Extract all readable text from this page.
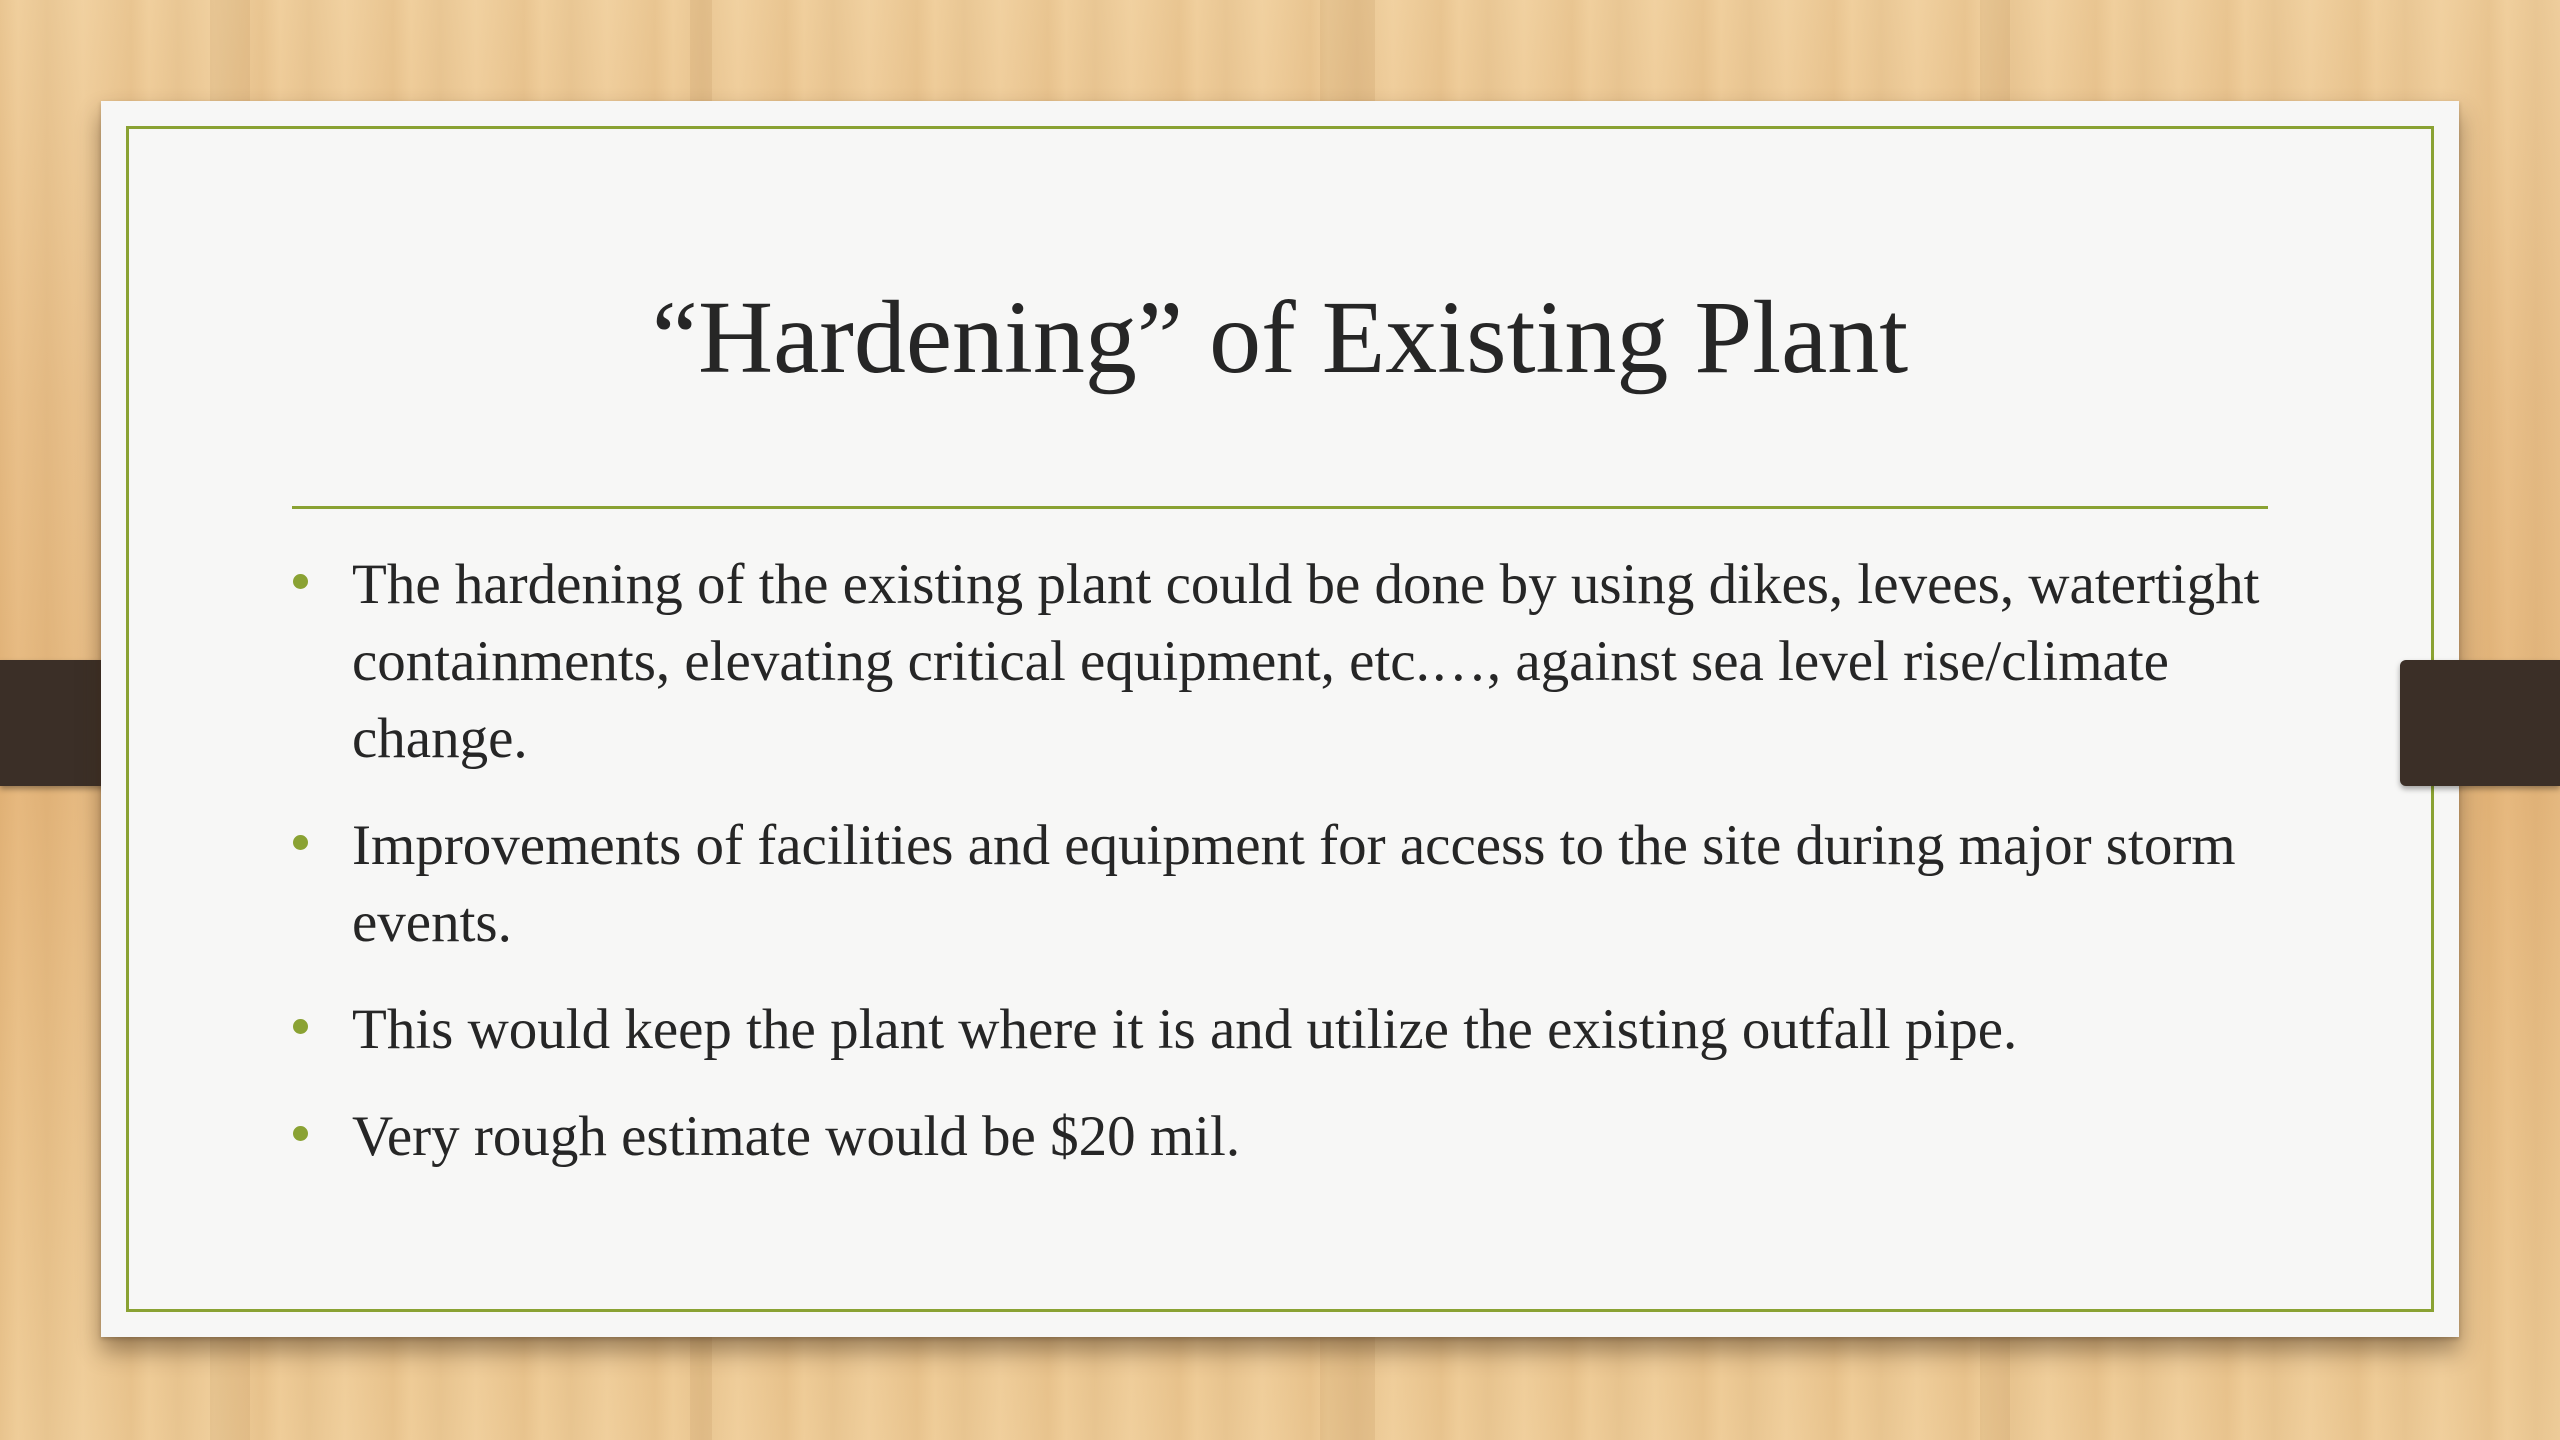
“Hardening” of Existing Plant
The hardening of the existing plant could be done by using dikes, levees, watertight containments, elevating critical equipment, etc.…, against sea level rise/climate change.
Improvements of facilities and equipment for access to the site during major storm events.
This would keep the plant where it is and utilize the existing outfall pipe.
Very rough estimate would be $20 mil.
